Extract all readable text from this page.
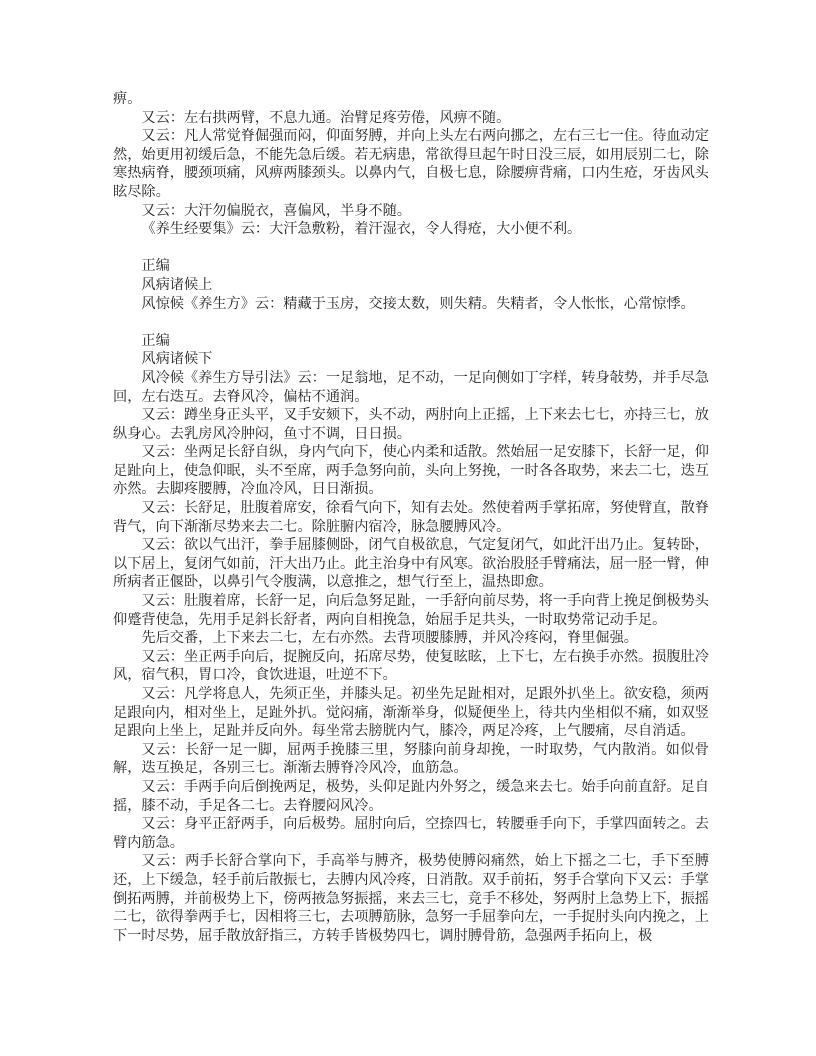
痹。
又云：左右拱两臂，不息九通。治臂足疼劳倦，风痹不随。
又云：凡人常觉脊倔强而闷，仰面努膊，并向上头左右两向挪之，左右三七一住。待血动定然，始更用初缓后急，不能先急后缓。若无病患，常欲得旦起午时日没三辰，如用辰别二七，除寒热病脊，腰颈项痛，风痹两膝颈头。以鼻内气，自极七息，除腰痹背痛，口内生疮，牙齿风头眩尽除。
又云：大汗勿偏脱衣，喜偏风，半身不随。
《养生经要集》云：大汗急敷粉，着汗湿衣，令人得疮，大小便不利。
正编
风病诸候上
风惊候《养生方》云：精藏于玉房，交接太数，则失精。失精者，令人怅怅，心常惊悸。
正编
风病诸候下
风冷候《养生方导引法》云：一足翁地，足不动，一足向侧如丁字样，转身敧势，并手尽急回，左右迭互。去脊风冷，偏枯不通润。
又云：蹲坐身正头平，叉手安颏下，头不动，两肘向上正摇，上下来去七七，亦持三七，放纵身心。去乳房风冷肿闷，鱼寸不调，日日损。
又云：坐两足长舒自纵，身内气向下，使心内柔和适散。然始屈一足安膝下，长舒一足，仰足趾向上，使急仰眠，头不至席，两手急努向前，头向上努挽，一时各各取势，来去二七，迭互亦然。去脚疼腰膊，冷血冷风，日日渐损。
又云：长舒足，肚腹着席安，徐看气向下，知有去处。然使着两手掌拓席，努使臂直，散脊背气，向下渐渐尽势来去二七。除脏腑内宿冷，脉急腰膊风冷。
又云：欲以气出汗，拳手屈膝侧卧，闭气自极欲息，气定复闭气，如此汗出乃止。复转卧，以下居上，复闭气如前，汗大出乃止。此主治身中有风寒。欲治股胫手臂痛法，屈一胫一臂，伸所病者正偃卧，以鼻引气令腹满，以意推之，想气行至上，温热即愈。
又云：肚腹着席，长舒一足，向后急努足趾，一手舒向前尽势，将一手向背上挽足倒极势头仰蹙背使急，先用手足斜长舒者，两向自相挽急，始屈手足共头，一时取势常记动手足。
先后交番，上下来去二七，左右亦然。去背项腰膝膊，并风冷疼闷，脊里倔强。
又云：坐正两手向后，捉腕反向，拓席尽势，使复眩眩，上下七，左右换手亦然。损腹肚冷风，宿气积，胃口冷，食饮进退，吐逆不下。
又云：凡学将息人，先须正坐，并膝头足。初坐先足趾相对，足跟外扒坐上。欲安稳，须两足跟向内，相对坐上，足趾外扒。觉闷痛，渐渐举身，似疑便坐上，待共内坐相似不痛，如双竖足跟向上坐上，足趾并反向外。每坐常去膀胱内气，膝冷，两足冷疼，上气腰痛，尽自消适。
又云：长舒一足一脚，屈两手挽膝三里，努膝向前身却挽，一时取势，气内散消。如似骨解，迭互换足，各别三七。渐渐去膊脊冷风冷，血筋急。
又云：手两手向后倒挽两足，极势，头仰足趾内外努之，缓急来去七。始手向前直舒。足自摇，膝不动，手足各二七。去脊腰闷风冷。
又云：身平正舒两手，向后极势。屈肘向后，空捺四七，转腰垂手向下，手掌四面转之。去臂内筋急。
又云：两手长舒合掌向下，手高举与膊齐，极势使膊闷痛然，始上下摇之二七，手下至膊还，上下缓急，轻手前后散振七，去膊内风冷疼，日消散。双手前拓，努手合掌向下又云：手掌倒拓两膊，并前极势上下，傍两掖急努振摇，来去三七，竞手不移处，努两肘上急势上下，振摇二七，欲得拳两手七，因相将三七，去项膊筋脉，急努一手屈拳向左，一手捉肘头向内挽之，上下一时尽势，屈手散放舒指三，方转手皆极势四七，调肘膊骨筋，急强两手拓向上，极
